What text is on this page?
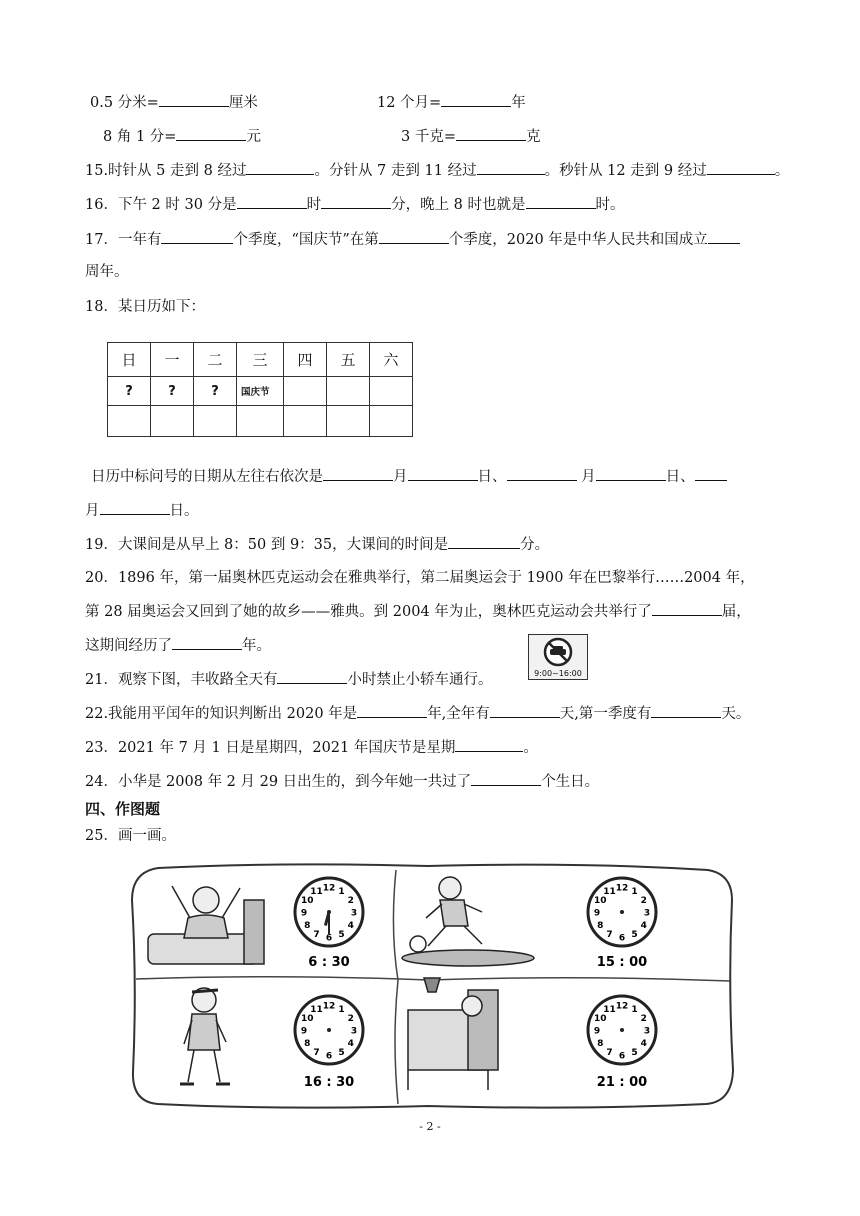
0.5 分米=	厘米	12 个月=	年
8 角 1 分=	元	3 千克=	克
15.时针从 5 走到 8 经过	。分针从 7 走到 11 经过	。秒针从 12 走到 9 经过	。
16．下午 2 时 30 分是	时	分，晚上 8 时也就是	时。
17．一年有	个季度，“国庆节”在第	个季度，2020 年是中华人民共和国成立
周年。
18．某日历如下：
日	一	二	三	四	五	六
?	?	?	国庆节			

日历中标问号的日期从左往右依次是	月	日、	月	日、
月	日。
19．大课间是从早上 8：50 到 9：35，大课间的时间是	分。
20．1896 年，第一届奥林匹克运动会在雅典举行，第二届奥运会于 1900 年在巴黎举行……2004 年，
第 28 届奥运会又回到了她的故乡——雅典。到 2004 年为止，奥林匹克运动会共举行了	届，
这期间经历了	年。
21．观察下图，丰收路全天有	小时禁止小轿车通行。	9:00~16:00
22.我能用平闰年的知识判断出 2020 年是	年,全年有	天,第一季度有	天。
23．2021 年 7 月 1 日是星期四，2021 年国庆节是星期	。
24．小华是 2008 年 2 月 29 日出生的，到今年她一共过了	个生日。
四、作图题
25．画一画。
1
2
3
4
5
6
7
8
9
10
11 12	1
2
3
4
5
6
7
8
9
10
11 12
1
2
3
4
5
6
7
8
9
10
11 12	1
2
3
4
5
6
7
8
9
10
11 12
6 : 30	15 : 00
16 : 30	21 : 00
- 2 -
